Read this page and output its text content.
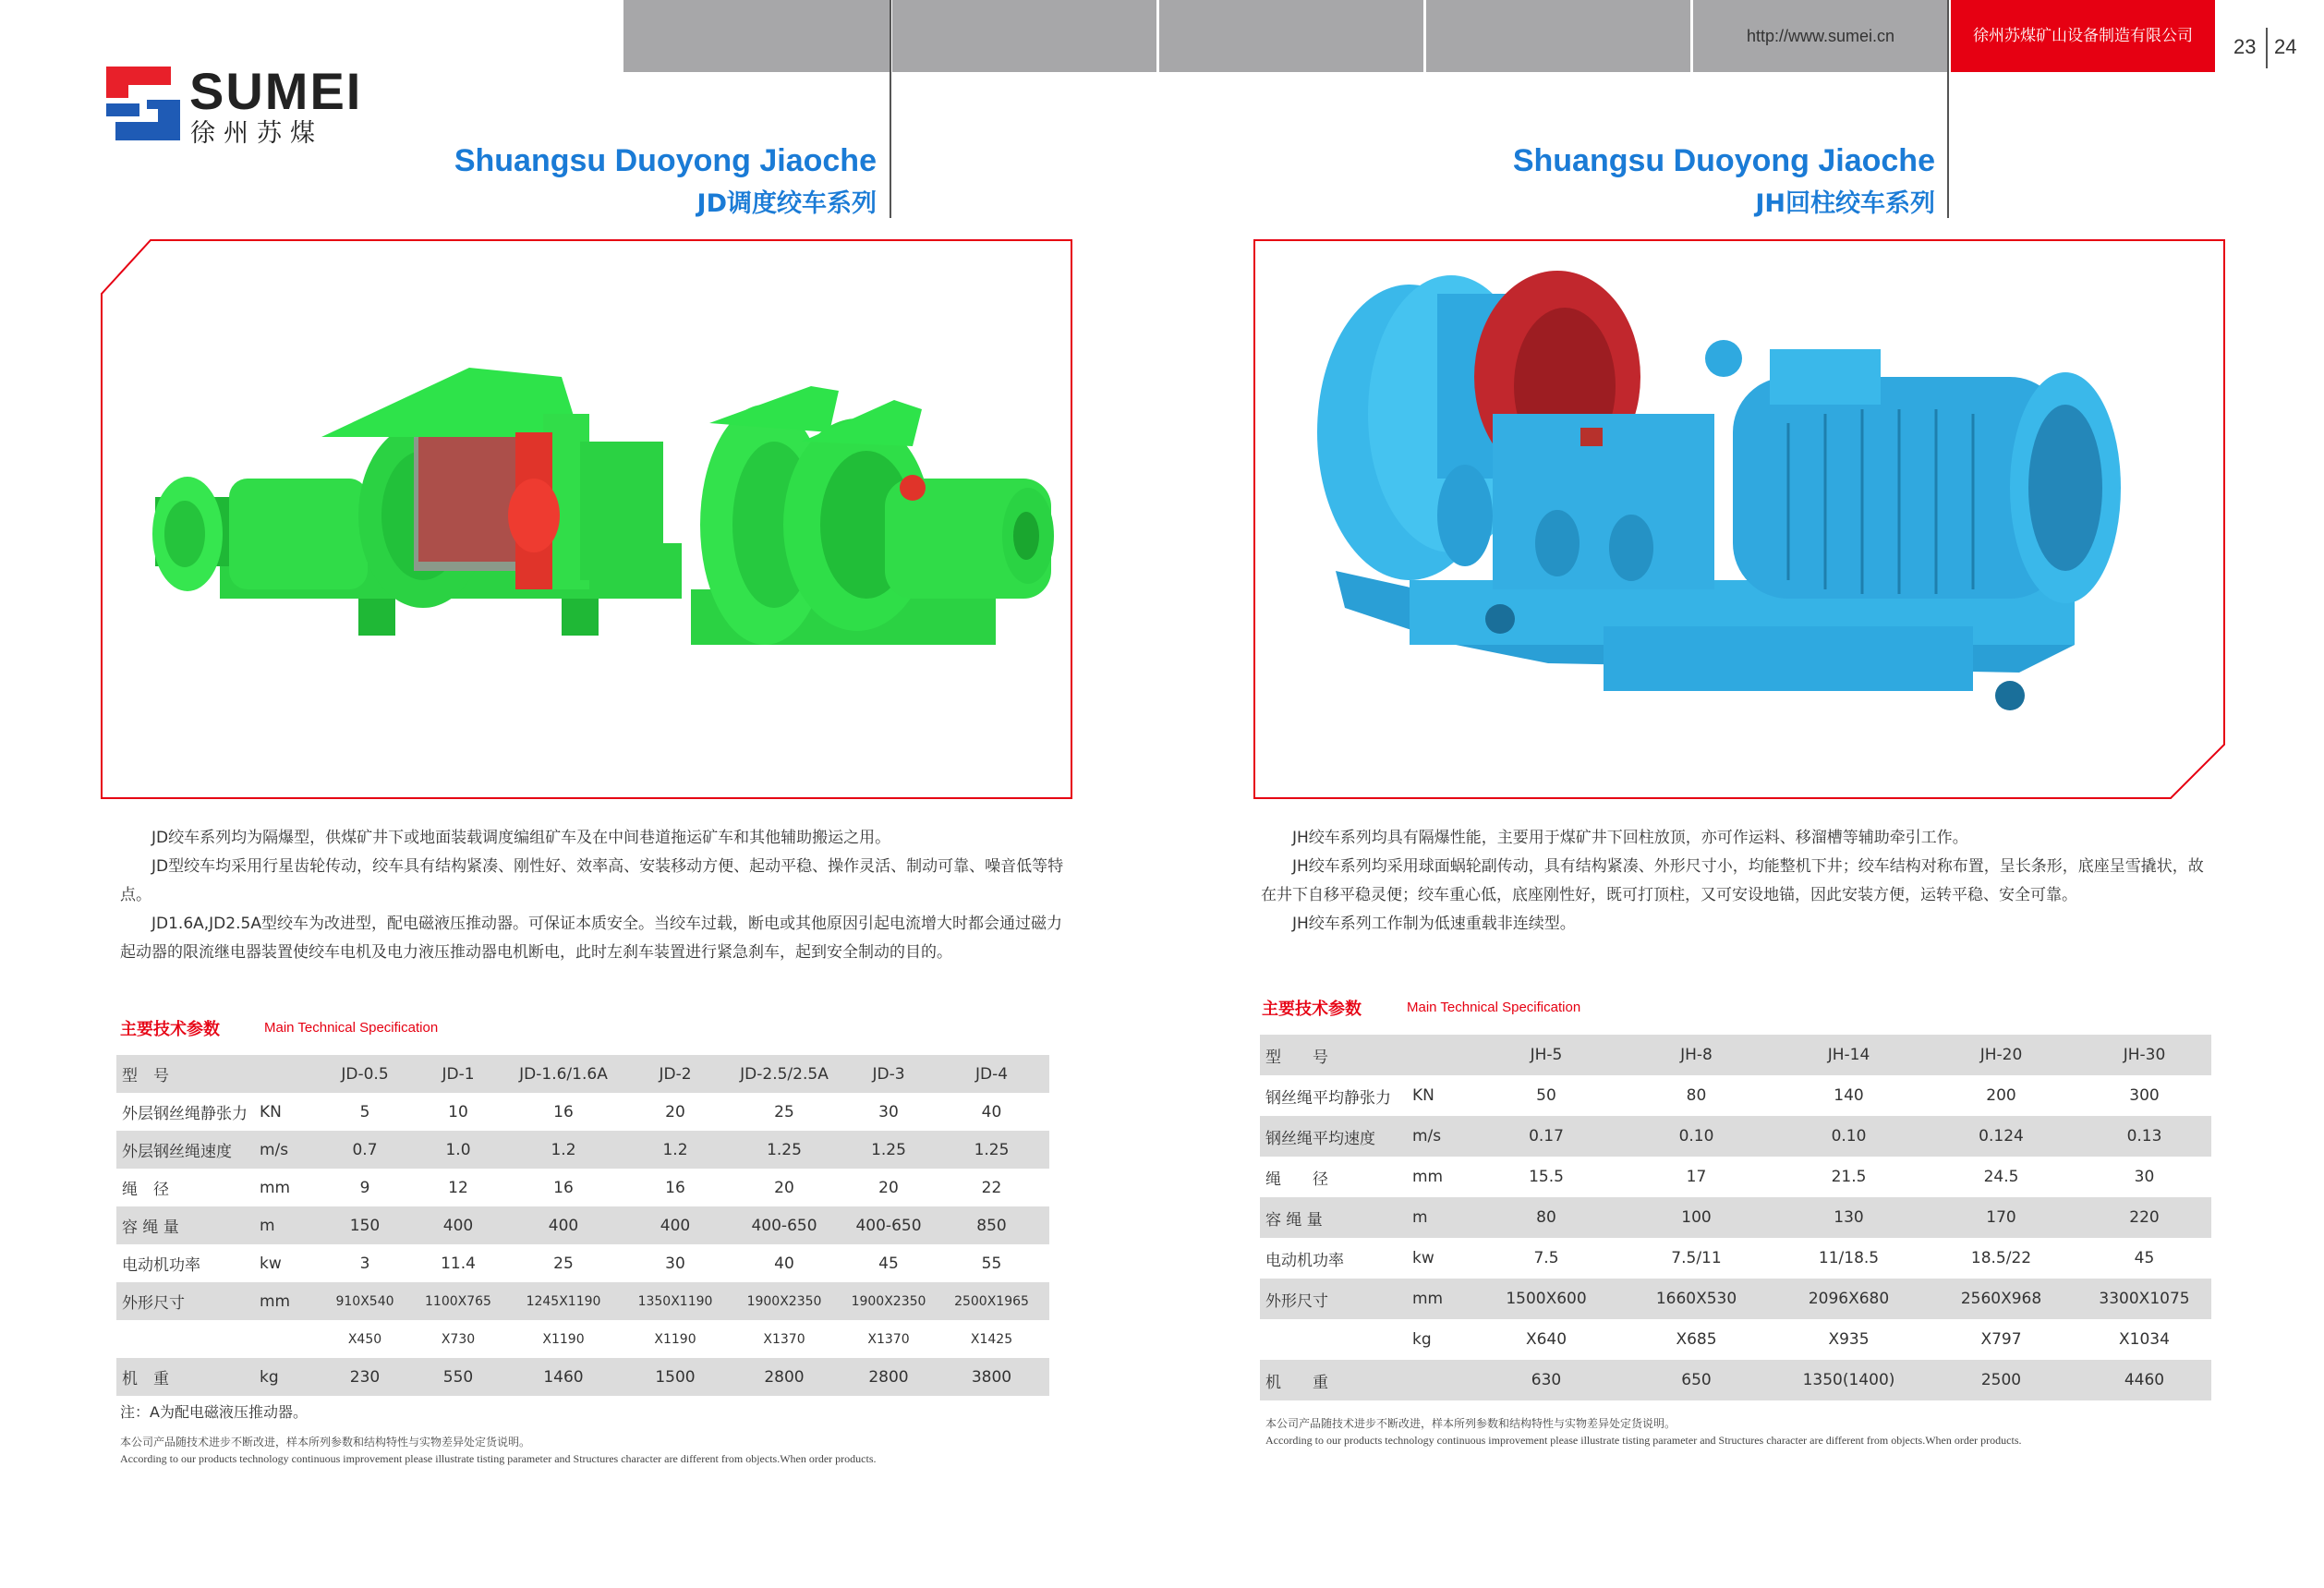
http://www.sumei.cn	徐州苏煤矿山设备制造有限公司	23 24
SUMEI
徐州苏煤
Shuangsu Duoyong Jiaoche
JD调度绞车系列
Shuangsu Duoyong Jiaoche
JH回柱绞车系列

JD绞车系列均为隔爆型，供煤矿井下或地面装载调度编组矿车及在中间巷道拖运矿车和其他辅助搬运之用。

JD型绞车均采用行星齿轮传动，绞车具有结构紧凑、刚性好、效率高、安装移动方便、起动平稳、操作灵活、制动可靠、噪音低等特点。

JD1.6A,JD2.5A型绞车为改进型，配电磁液压推动器。可保证本质安全。当绞车过载，断电或其他原因引起电流增大时都会通过磁力起动器的限流继电器装置使绞车电机及电力液压推动器电机断电，此时左刹车装置进行紧急刹车，起到安全制动的目的。

主要技术参数	Main Technical Specification
型　号		JD-0.5	JD-1	JD-1.6/1.6A	JD-2	JD-2.5/2.5A	JD-3	JD-4
外层钢丝绳静张力	KN	5	10	16	20	25	30	40
外层钢丝绳速度	m/s	0.7	1.0	1.2	1.2	1.25	1.25	1.25
绳　径	mm	9	12	16	16	20	20	22
容 绳 量	m	150	400	400	400	400-650	400-650	850
电动机功率	kw	3	11.4	25	30	40	45	55
外形尺寸	mm	910X540	1100X765	1245X1190	1350X1190	1900X2350	1900X2350	2500X1965
		X450	X730	X1190	X1190	X1370	X1370	X1425
机　重	kg	230	550	1460	1500	2800	2800	3800
注：A为配电磁液压推动器。
本公司产品随技术进步不断改进，样本所列参数和结构特性与实物差异处定货说明。
According to our products technology continuous improvement please illustrate tisting parameter and Structures character are different from objects.When order products.

JH绞车系列均具有隔爆性能，主要用于煤矿井下回柱放顶，亦可作运料、移溜槽等辅助牵引工作。

JH绞车系列均采用球面蜗轮副传动，具有结构紧凑、外形尺寸小，均能整机下井；绞车结构对称布置，呈长条形，底座呈雪撬状，故在井下自移平稳灵便；绞车重心低，底座刚性好，既可打顶柱，又可安设地锚，因此安装方便，运转平稳、安全可靠。

JH绞车系列工作制为低速重载非连续型。

主要技术参数	Main Technical Specification
型　　号		JH-5	JH-8	JH-14	JH-20	JH-30
钢丝绳平均静张力	KN	50	80	140	200	300
钢丝绳平均速度	m/s	0.17	0.10	0.10	0.124	0.13
绳　　径	mm	15.5	17	21.5	24.5	30
容 绳 量	m	80	100	130	170	220
电动机功率	kw	7.5	7.5/11	11/18.5	18.5/22	45
外形尺寸	mm	1500X600	1660X530	2096X680	2560X968	3300X1075
	kg	X640	X685	X935	X797	X1034
机　　重		630	650	1350(1400)	2500	4460
本公司产品随技术进步不断改进，样本所列参数和结构特性与实物差异处定货说明。
According to our products technology continuous improvement please illustrate tisting parameter and Structures character are different from objects.When order products.
